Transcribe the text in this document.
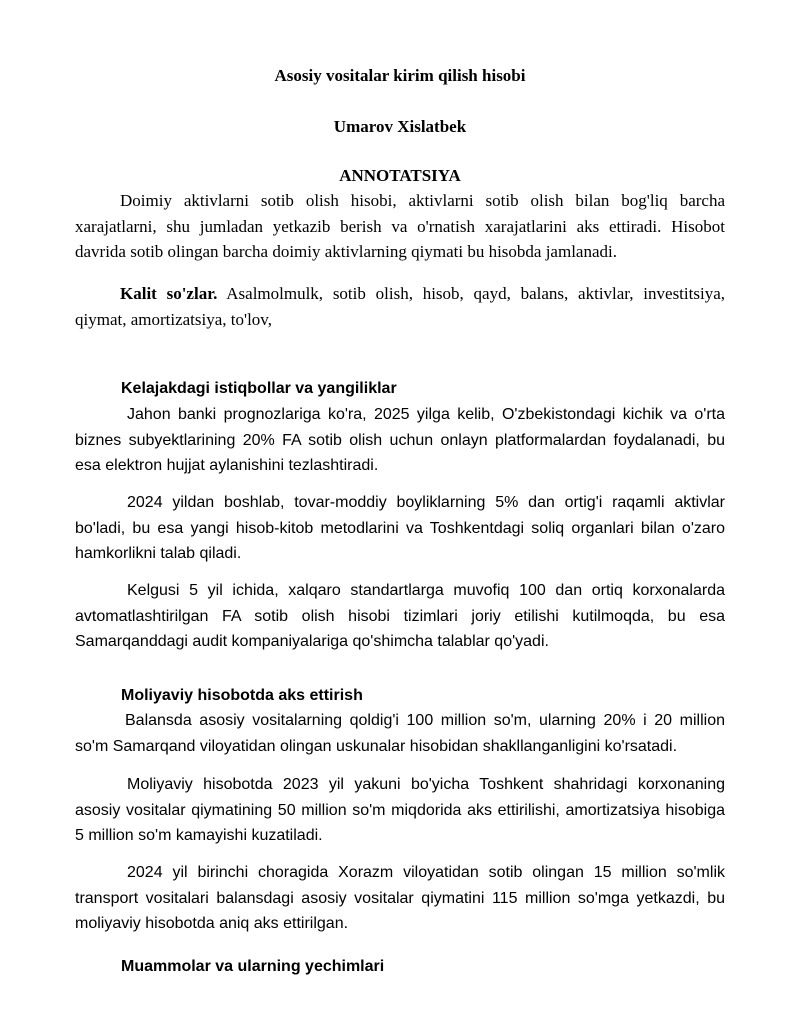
Asosiy vositalar kirim qilish hisobi
Umarov Xislatbek
ANNOTATSIYA

Doimiy aktivlarni sotib olish hisobi, aktivlarni sotib olish bilan bog'liq barcha xarajatlarni, shu jumladan yetkazib berish va o'rnatish xarajatlarini aks ettiradi. Hisobot davrida sotib olingan barcha doimiy aktivlarning qiymati bu hisobda jamlanadi.

Kalit so'zlar. Asalmolmulk, sotib olish, hisob, qayd, balans, aktivlar, investitsiya, qiymat, amortizatsiya, to'lov,

Kelajakdagi istiqbollar va yangiliklar

Jahon banki prognozlariga ko'ra, 2025 yilga kelib, O'zbekistondagi kichik va o'rta biznes subyektlarining 20% FA sotib olish uchun onlayn platformalardan foydalanadi, bu esa elektron hujjat aylanishini tezlashtiradi.

2024 yildan boshlab, tovar-moddiy boyliklarning 5% dan ortig'i raqamli aktivlar bo'ladi, bu esa yangi hisob-kitob metodlarini va Toshkentdagi soliq organlari bilan o'zaro hamkorlikni talab qiladi.

Kelgusi 5 yil ichida, xalqaro standartlarga muvofiq 100 dan ortiq korxonalarda avtomatlashtirilgan FA sotib olish hisobi tizimlari joriy etilishi kutilmoqda, bu esa Samarqanddagi audit kompaniyalariga qo'shimcha talablar qo'yadi.

Moliyaviy hisobotda aks ettirish

Balansda asosiy vositalarning qoldig'i 100 million so'm, ularning 20% i 20 million so'm Samarqand viloyatidan olingan uskunalar hisobidan shakllanganligini ko'rsatadi.

Moliyaviy hisobotda 2023 yil yakuni bo'yicha Toshkent shahridagi korxonaning asosiy vositalar qiymatining 50 million so'm miqdorida aks ettirilishi, amortizatsiya hisobiga 5 million so'm kamayishi kuzatiladi.

2024 yil birinchi choragida Xorazm viloyatidan sotib olingan 15 million so'mlik transport vositalari balansdagi asosiy vositalar qiymatini 115 million so'mga yetkazdi, bu moliyaviy hisobotda aniq aks ettirilgan.

Muammolar va ularning yechimlari
